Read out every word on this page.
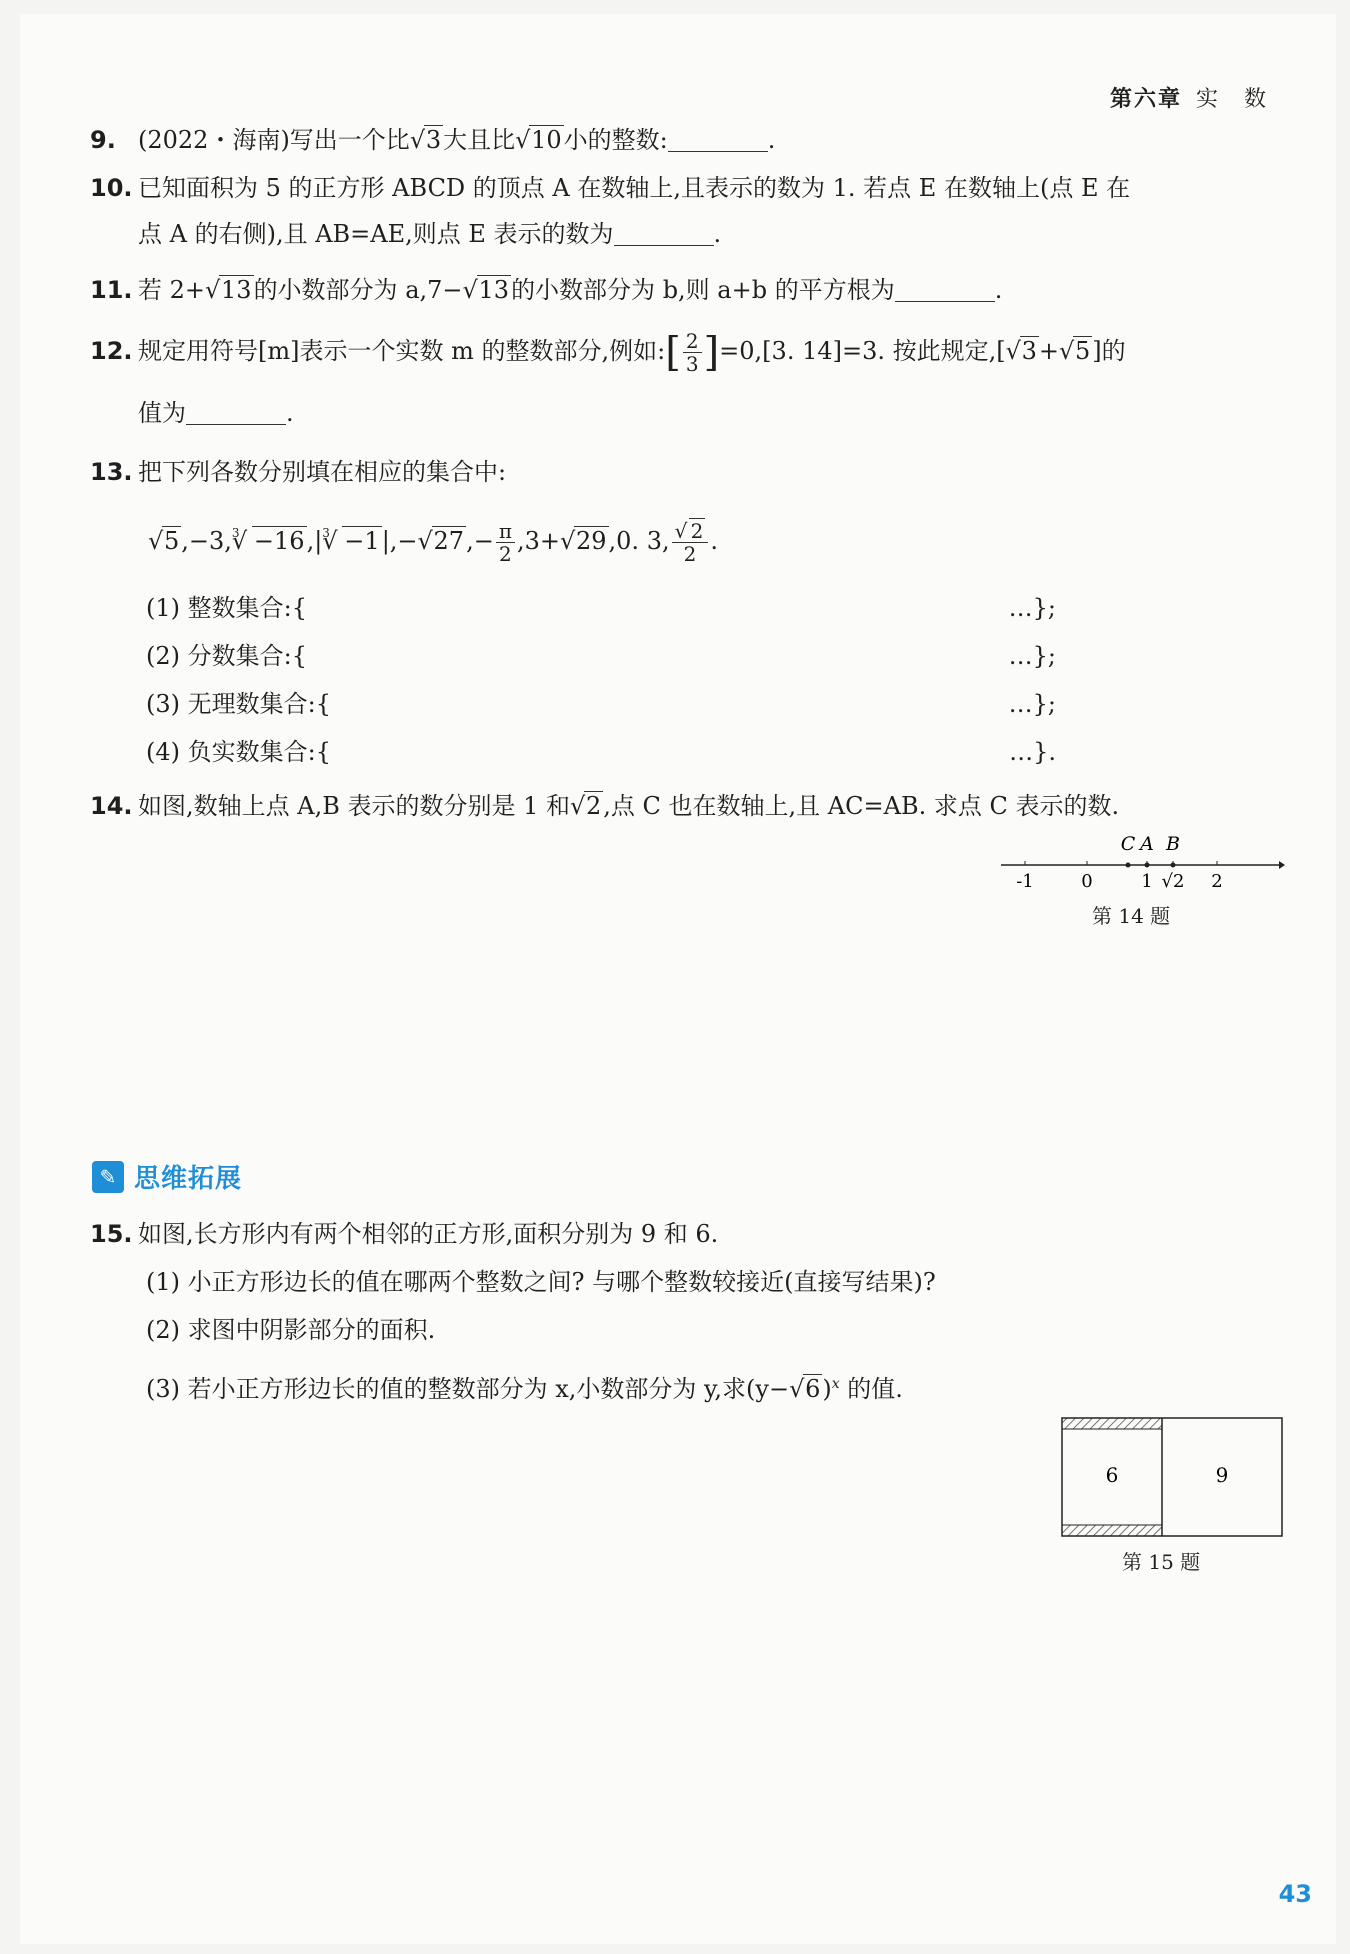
第六章 实　数
9. (2022・海南)写出一个比√ 3大且比√ 10小的整数:	.
10. 已知面积为 5 的正方形 ABCD 的顶点 A 在数轴上,且表示的数为 1. 若点 E 在数轴上(点 E 在
点 A 的右侧),且 AB=AE,则点 E 表示的数为	.
11. 若 2+√ 13的小数部分为 a,7−√ 13的小数部分为 b,则 a+b 的平方根为	.
12. 规定用符号[m]表示一个实数 m 的整数部分,例如:[ $\frac{2}{3} ]=0,[3$. 14]=3. 按此规定,[√ 3+√ 5]的
值为	.
13. 把下列各数分别填在相应的集合中:
√ 5,−3,
√ 3 −16,|
√ 3 −1|,−√ $27,- \frac{\pi}{2} ,3+√$ 29,0. 3,
√ $\frac{2}{2}$ .
(1) 整数集合:{	…};
(2) 分数集合:{	…};
(3) 无理数集合:{	…};
(4) 负实数集合:{	…}.
14. 如图,数轴上点 A,B 表示的数分别是 1 和√ 2,点 C 也在数轴上,且 AC=AB. 求点 C 表示的数.
-1	0	1 √2 2
C A B
第 14 题
✎ 思维拓展
15. 如图,长方形内有两个相邻的正方形,面积分别为 9 和 6.
(1) 小正方形边长的值在哪两个整数之间? 与哪个整数较接近(直接写结果)?
(2) 求图中阴影部分的面积.
(3) 若小正方形边长的值的整数部分为 x,小数部分为 y,求(y−√ 6)$^x$ 的值.
6	9
第 15 题
43
